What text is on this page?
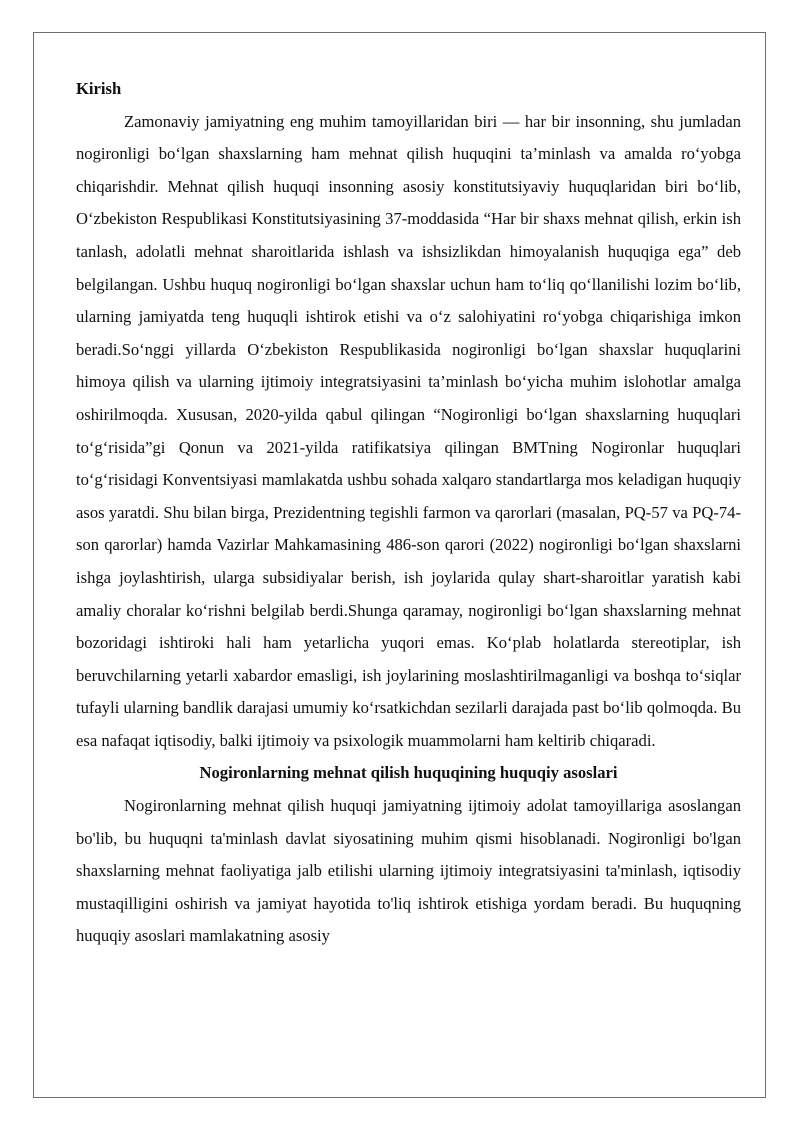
Kirish

Zamonaviy jamiyatning eng muhim tamoyillaridan biri — har bir insonning, shu jumladan nogironligi bo‘lgan shaxslarning ham mehnat qilish huquqini ta’minlash va amalda ro‘yobga chiqarishdir. Mehnat qilish huquqi insonning asosiy konstitutsiyaviy huquqlaridan biri bo‘lib, O‘zbekiston Respublikasi Konstitutsiyasining 37-moddasida “Har bir shaxs mehnat qilish, erkin ish tanlash, adolatli mehnat sharoitlarida ishlash va ishsizlikdan himoyalanish huquqiga ega” deb belgilangan. Ushbu huquq nogironligi bo‘lgan shaxslar uchun ham to‘liq qo‘llanilishi lozim bo‘lib, ularning jamiyatda teng huquqli ishtirok etishi va o‘z salohiyatini ro‘yobga chiqarishiga imkon beradi.So‘nggi yillarda O‘zbekiston Respublikasida nogironligi bo‘lgan shaxslar huquqlarini himoya qilish va ularning ijtimoiy integratsiyasini ta’minlash bo‘yicha muhim islohotlar amalga oshirilmoqda. Xususan, 2020-yilda qabul qilingan “Nogironligi bo‘lgan shaxslarning huquqlari to‘g‘risida”gi Qonun va 2021-yilda ratifikatsiya qilingan BMTning Nogironlar huquqlari to‘g‘risidagi Konventsiyasi mamlakatda ushbu sohada xalqaro standartlarga mos keladigan huquqiy asos yaratdi. Shu bilan birga, Prezidentning tegishli farmon va qarorlari (masalan, PQ-57 va PQ-74-son qarorlar) hamda Vazirlar Mahkamasining 486-son qarori (2022) nogironligi bo‘lgan shaxslarni ishga joylashtirish, ularga subsidiyalar berish, ish joylarida qulay shart-sharoitlar yaratish kabi amaliy choralar ko‘rishni belgilab berdi.Shunga qaramay, nogironligi bo‘lgan shaxslarning mehnat bozoridagi ishtiroki hali ham yetarlicha yuqori emas. Ko‘plab holatlarda stereotiplar, ish beruvchilarning yetarli xabardor emasligi, ish joylarining moslashtirilmaganligi va boshqa to‘siqlar tufayli ularning bandlik darajasi umumiy ko‘rsatkichdan sezilarli darajada past bo‘lib qolmoqda. Bu esa nafaqat iqtisodiy, balki ijtimoiy va psixologik muammolarni ham keltirib chiqaradi.

Nogironlarning mehnat qilish huquqining huquqiy asoslari

Nogironlarning mehnat qilish huquqi jamiyatning ijtimoiy adolat tamoyillariga asoslangan bo'lib, bu huquqni ta'minlash davlat siyosatining muhim qismi hisoblanadi. Nogironligi bo'lgan shaxslarning mehnat faoliyatiga jalb etilishi ularning ijtimoiy integratsiyasini ta'minlash, iqtisodiy mustaqilligini oshirish va jamiyat hayotida to'liq ishtirok etishiga yordam beradi. Bu huquqning huquqiy asoslari mamlakatning asosiy
